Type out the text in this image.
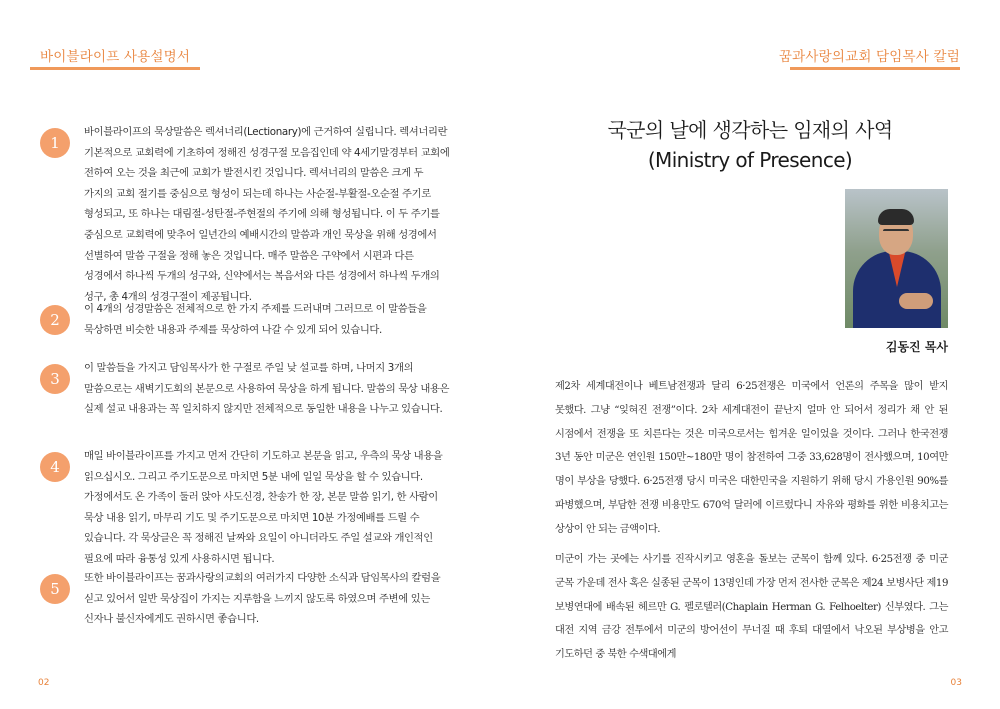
바이블라이프 사용설명서
1
바이블라이프의 묵상말씀은 렉셔너리(Lectionary)에 근거하여 실립니다. 렉셔너리란 기본적으로 교회력에 기초하여 정해진 성경구절 모음집인데 약 4세기말경부터 교회에 전하여 오는 것을 최근에 교회가 발전시킨 것입니다. 렉셔너리의 말씀은 크게 두 가지의 교회 절기를 중심으로 형성이 되는데 하나는 사순절-부활절-오순절 주기로 형성되고, 또 하나는 대림절-성탄절-주현절의 주기에 의해 형성됩니다. 이 두 주기를 중심으로 교회력에 맞추어 일년간의 예배시간의 말씀과 개인 묵상을 위해 성경에서 선별하여 말씀 구절을 정해 놓은 것입니다. 매주 말씀은 구약에서 시편과 다른 성경에서 하나씩 두개의 성구와, 신약에서는 복음서와 다른 성경에서 하나씩 두개의 성구, 총 4개의 성경구절이 제공됩니다.
2
이 4개의 성경말씀은 전체적으로 한 가지 주제를 드러내며 그러므로 이 말씀들을 묵상하면 비슷한 내용과 주제를 묵상하여 나갈 수 있게 되어 있습니다.
3
이 말씀들을 가지고 담임목사가 한 구절로 주일 낮 설교를 하며, 나머지 3개의 말씀으로는 새벽기도회의 본문으로 사용하여 묵상을 하게 됩니다. 말씀의 묵상 내용은 실제 설교 내용과는 꼭 일치하지 않지만 전체적으로 동일한 내용을 나누고 있습니다.
4
매일 바이블라이프를 가지고 먼저 간단히 기도하고 본문을 읽고, 우측의 묵상 내용을 읽으십시오. 그리고 주기도문으로 마치면 5분 내에 일일 묵상을 할 수 있습니다. 가정에서도 온 가족이 둘러 앉아 사도신경, 찬송가 한 장, 본문 말씀 읽기, 한 사람이 묵상 내용 읽기, 마무리 기도 및 주기도문으로 마치면 10분 가정예배를 드릴 수 있습니다. 각 묵상글은 꼭 정해진 날짜와 요일이 아니더라도 주일 설교와 개인적인 필요에 따라 융통성 있게 사용하시면 됩니다.
5
또한 바이블라이프는 꿈과사랑의교회의 여러가지 다양한 소식과 담임목사의 칼럼을 싣고 있어서 일반 묵상집이 가지는 지루함을 느끼지 않도록 하였으며 주변에 있는 신자나 불신자에게도 권하시면 좋습니다.
02
꿈과사랑의교회 담임목사 칼럼
국군의 날에 생각하는 임재의 사역
(Ministry of Presence)
김동진 목사
제2차 세계대전이나 베트남전쟁과 달리 6·25전쟁은 미국에서 언론의 주목을 많이 받지 못했다. 그냥 “잊혀진 전쟁”이다. 2차 세계대전이 끝난지 얼마 안 되어서 정리가 채 안 된 시점에서 전쟁을 또 치른다는 것은 미국으로서는 힘겨운 일이었을 것이다. 그러나 한국전쟁 3년 동안 미군은 연인원 150만~180만 명이 참전하여 그중 33,628명이 전사했으며, 10여만 명이 부상을 당했다. 6·25전쟁 당시 미국은 대한민국을 지원하기 위해 당시 가용인원 90%를 파병했으며, 부담한 전쟁 비용만도 670억 달러에 이르렀다니 자유와 평화를 위한 비용치고는 상상이 안 되는 금액이다.
미군이 가는 곳에는 사기를 진작시키고 영혼을 돌보는 군목이 함께 있다. 6·25전쟁 중 미군 군목 가운데 전사 혹은 실종된 군목이 13명인데 가장 먼저 전사한 군목은 제24 보병사단 제19 보병연대에 배속된 헤르만 G. 펠로텔러(Chaplain Herman G. Felhoelter) 신부였다. 그는 대전 지역 금강 전투에서 미군의 방어선이 무너질 때 후퇴 대열에서 낙오된 부상병을 안고 기도하던 중 북한 수색대에게
03
